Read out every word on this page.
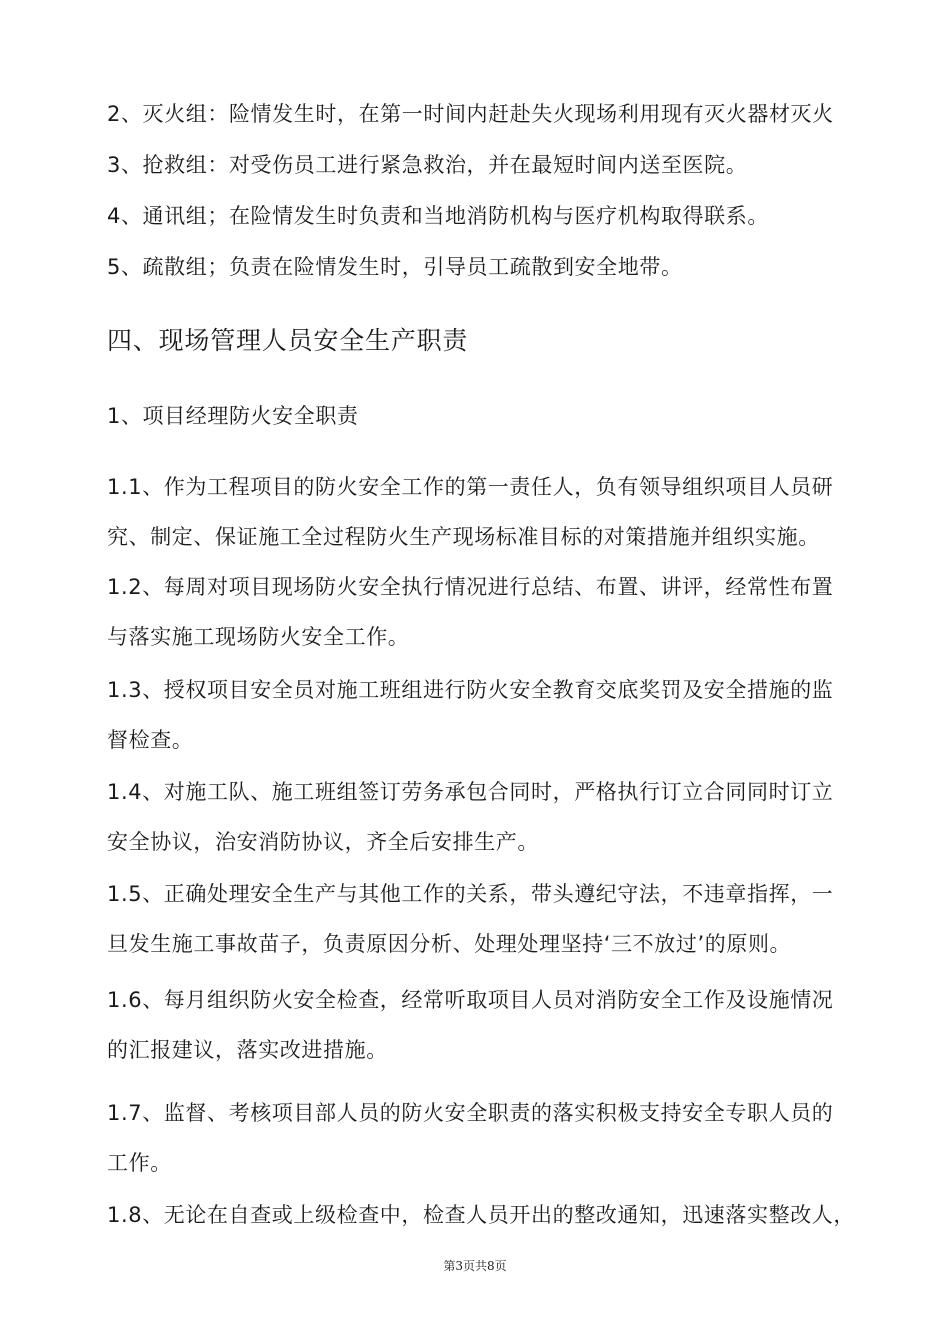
2、灭火组：险情发生时，在第一时间内赶赴失火现场利用现有灭火器材灭火
3、抢救组：对受伤员工进行紧急救治，并在最短时间内送至医院。
4、通讯组；在险情发生时负责和当地消防机构与医疗机构取得联系。
5、疏散组；负责在险情发生时，引导员工疏散到安全地带。
四、现场管理人员安全生产职责
1、项目经理防火安全职责
1.1、作为工程项目的防火安全工作的第一责任人，负有领导组织项目人员研
究、制定、保证施工全过程防火生产现场标准目标的对策措施并组织实施。
1.2、每周对项目现场防火安全执行情况进行总结、布置、讲评，经常性布置
与落实施工现场防火安全工作。
1.3、授权项目安全员对施工班组进行防火安全教育交底奖罚及安全措施的监
督检查。
1.4、对施工队、施工班组签订劳务承包合同时，严格执行订立合同同时订立
安全协议，治安消防协议，齐全后安排生产。
1.5、正确处理安全生产与其他工作的关系，带头遵纪守法，不违章指挥，一
旦发生施工事故苗子，负责原因分析、处理处理坚持‘三不放过’的原则。
1.6、每月组织防火安全检查，经常听取项目人员对消防安全工作及设施情况
的汇报建议，落实改进措施。
1.7、监督、考核项目部人员的防火安全职责的落实积极支持安全专职人员的
工作。
1.8、无论在自查或上级检查中，检查人员开出的整改通知，迅速落实整改人，
第3页共8页
